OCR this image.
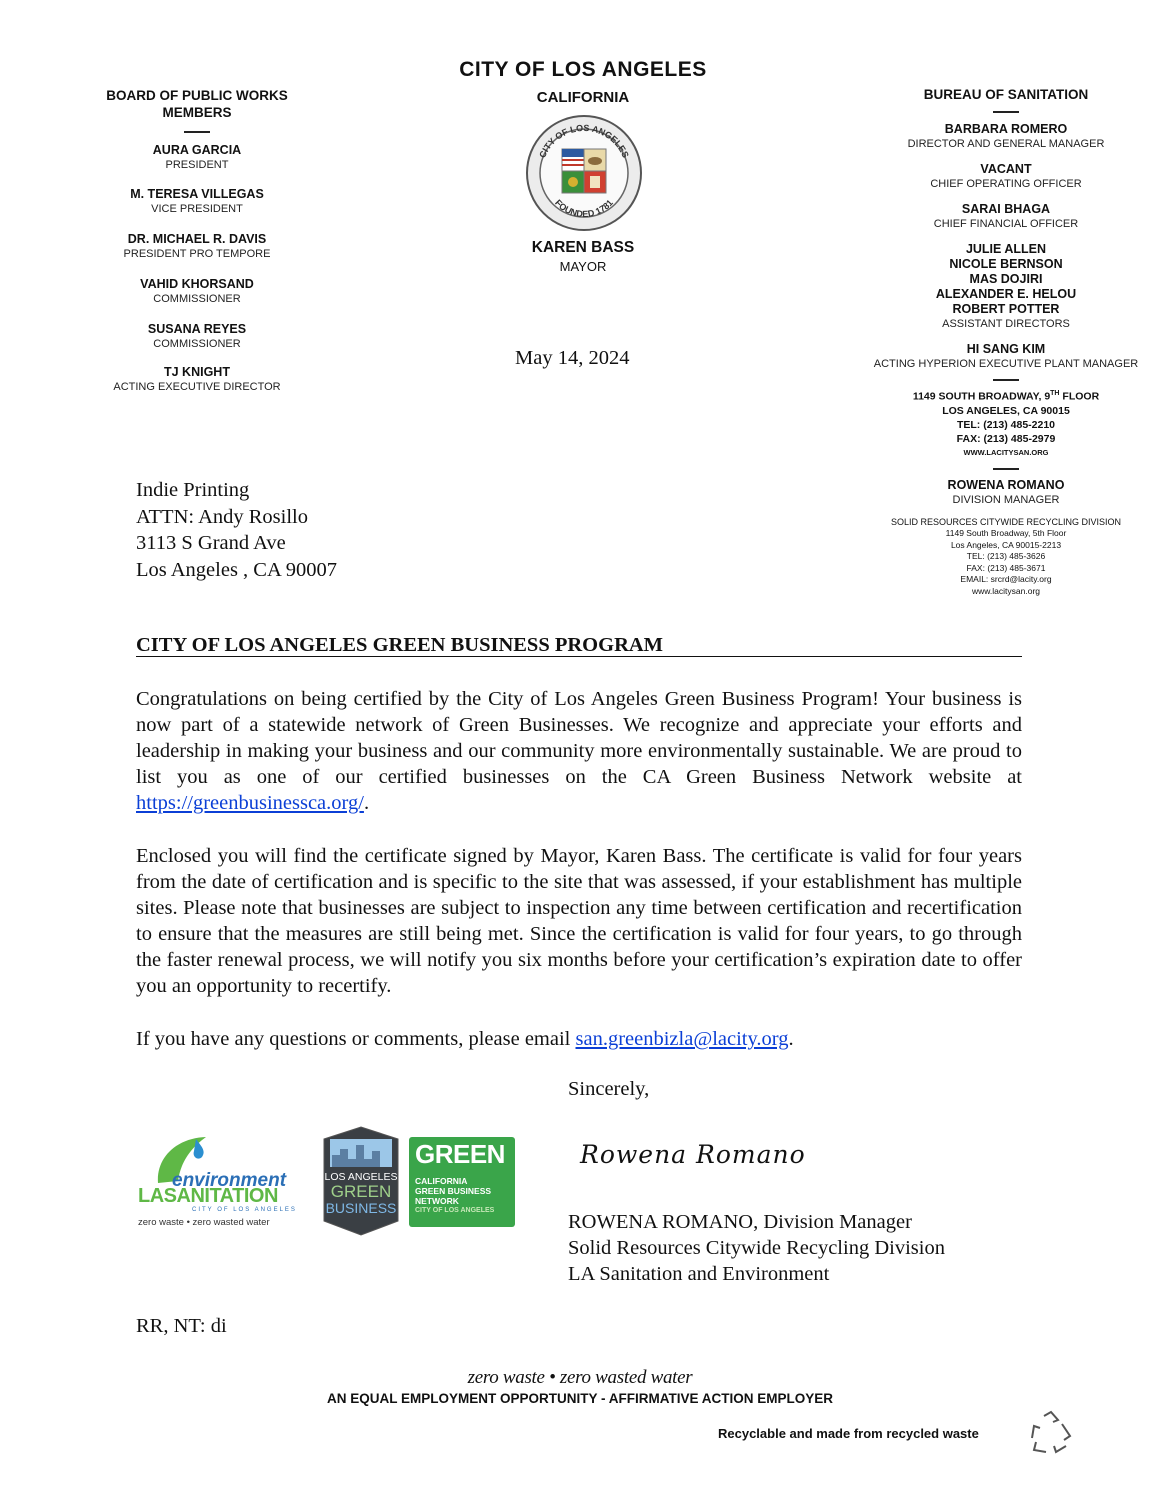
CITY OF LOS ANGELES
CALIFORNIA
CITY OF LOS ANGELES
FOUNDED 1781
KAREN BASS
MAYOR
BOARD OF PUBLIC WORKS
MEMBERS
AURA GARCIA
PRESIDENT
M. TERESA VILLEGAS
VICE PRESIDENT
DR. MICHAEL R. DAVIS
PRESIDENT PRO TEMPORE
VAHID KHORSAND
COMMISSIONER
SUSANA REYES
COMMISSIONER
TJ KNIGHT
ACTING EXECUTIVE DIRECTOR
BUREAU OF SANITATION
BARBARA ROMERO
DIRECTOR AND GENERAL MANAGER
VACANT
CHIEF OPERATING OFFICER
SARAI BHAGA
CHIEF FINANCIAL OFFICER
JULIE ALLEN
NICOLE BERNSON
MAS DOJIRI
ALEXANDER E. HELOU
ROBERT POTTER
ASSISTANT DIRECTORS
HI SANG KIM
ACTING HYPERION EXECUTIVE PLANT MANAGER
1149 SOUTH BROADWAY, 9TH FLOOR
LOS ANGELES, CA 90015
TEL: (213) 485-2210
FAX: (213) 485-2979
WWW.LACITYSAN.ORG
ROWENA ROMANO
DIVISION MANAGER
SOLID RESOURCES CITYWIDE RECYCLING DIVISION
1149 South Broadway, 5th Floor
Los Angeles, CA 90015-2213
TEL: (213) 485-3626
FAX: (213) 485-3671
EMAIL: srcrd@lacity.org
www.lacitysan.org
May 14, 2024
Indie Printing
ATTN: Andy Rosillo
3113 S Grand Ave
Los Angeles , CA 90007
CITY OF LOS ANGELES GREEN BUSINESS PROGRAM
Congratulations on being certified by the City of Los Angeles Green Business Program! Your business is now part of a statewide network of Green Businesses. We recognize and appreciate your efforts and leadership in making your business and our community more environmentally sustainable. We are proud to list you as one of our certified businesses on the CA Green Business Network website at https://greenbusinessca.org/.
Enclosed you will find the certificate signed by Mayor, Karen Bass. The certificate is valid for four years from the date of certification and is specific to the site that was assessed, if your establishment has multiple sites. Please note that businesses are subject to inspection any time between certification and recertification to ensure that the measures are still being met. Since the certification is valid for four years, to go through the faster renewal process, we will notify you six months before your certification’s expiration date to offer you an opportunity to recertify.
If you have any questions or comments, please email san.greenbizla@lacity.org.
Sincerely,
Rowena Romano
ROWENA ROMANO, Division Manager
Solid Resources Citywide Recycling Division
LA Sanitation and Environment
environment
LASANITATION
CITY OF LOS ANGELES
zero waste • zero wasted water
LOS ANGELES
GREEN
BUSINESS
GREEN
CALIFORNIA
GREEN BUSINESS
NETWORK
CITY OF LOS ANGELES
RR, NT: di
zero waste • zero wasted water
AN EQUAL EMPLOYMENT OPPORTUNITY - AFFIRMATIVE ACTION EMPLOYER
Recyclable and made from recycled waste
